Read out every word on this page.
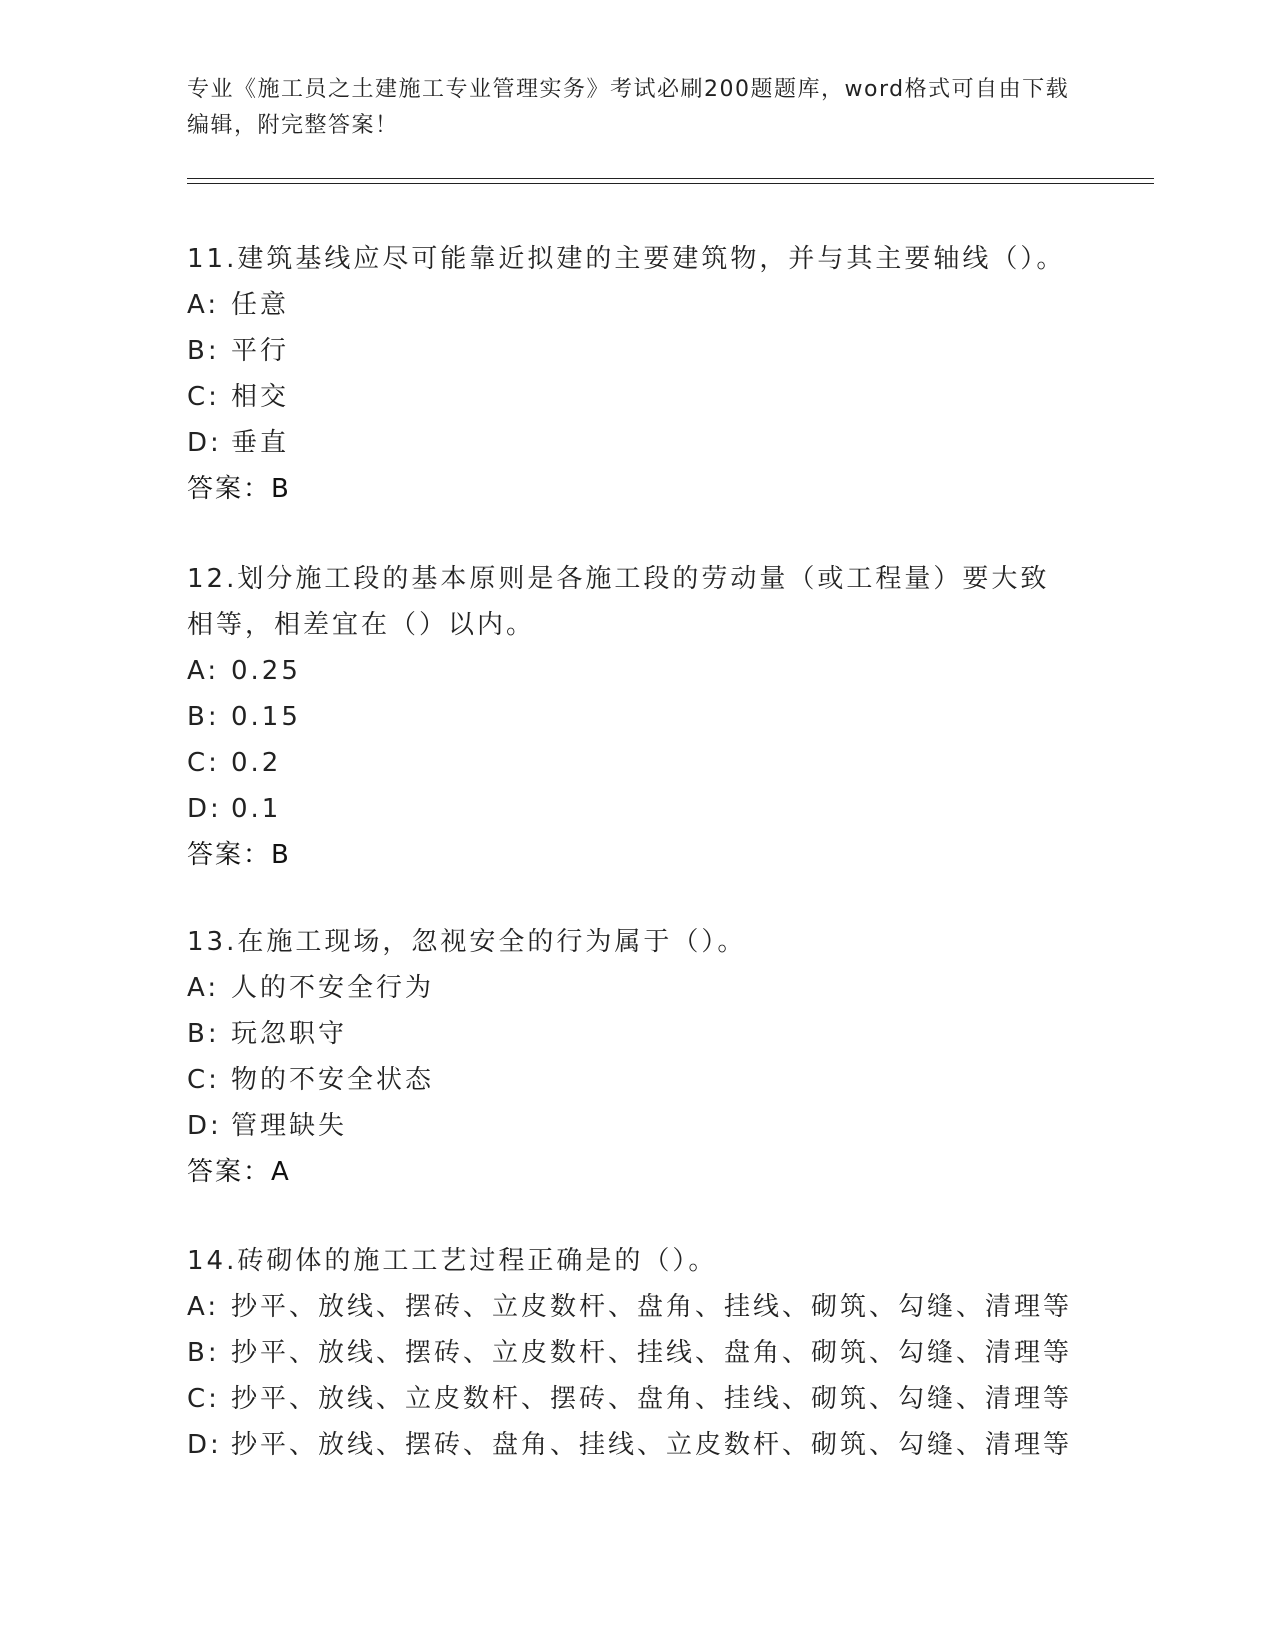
专业《施工员之土建施工专业管理实务》考试必刷200题题库，word格式可自由下载编辑，附完整答案！

11.建筑基线应尽可能靠近拟建的主要建筑物，并与其主要轴线（）。

A: 任意
B: 平行
C: 相交
D: 垂直

答案：B

12.划分施工段的基本原则是各施工段的劳动量（或工程量）要大致相等，相差宜在（）以内。

A: 0.25
B: 0.15
C: 0.2
D: 0.1

答案：B

13.在施工现场，忽视安全的行为属于（）。

A: 人的不安全行为
B: 玩忽职守
C: 物的不安全状态
D: 管理缺失

答案：A

14.砖砌体的施工工艺过程正确是的（）。

A: 抄平、放线、摆砖、立皮数杆、盘角、挂线、砌筑、勾缝、清理等
B: 抄平、放线、摆砖、立皮数杆、挂线、盘角、砌筑、勾缝、清理等
C: 抄平、放线、立皮数杆、摆砖、盘角、挂线、砌筑、勾缝、清理等
D: 抄平、放线、摆砖、盘角、挂线、立皮数杆、砌筑、勾缝、清理等
